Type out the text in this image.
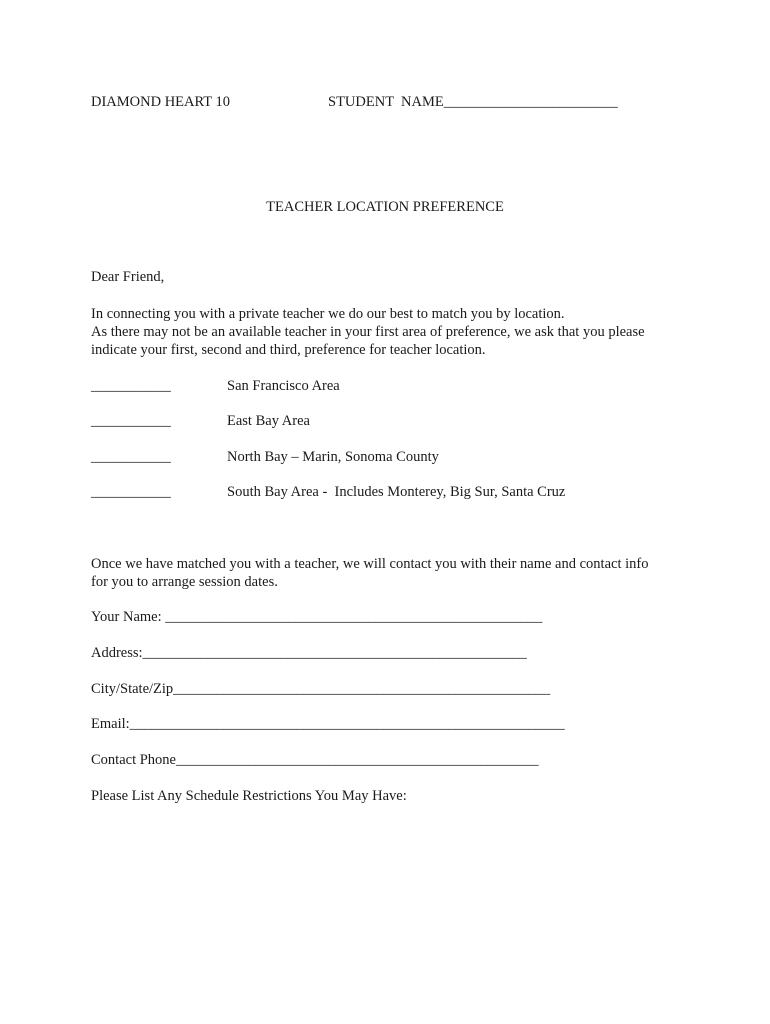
DIAMOND HEART 10	STUDENT  NAME________________________
TEACHER LOCATION PREFERENCE
Dear Friend,
In connecting you with a private teacher we do our best to match you by location.
As there may not be an available teacher in your first area of preference, we ask that you please
indicate your first, second and third, preference for teacher location.
___________	San Francisco Area
___________	East Bay Area
___________	North Bay – Marin, Sonoma County
___________	South Bay Area -  Includes Monterey, Big Sur, Santa Cruz
Once we have matched you with a teacher, we will contact you with their name and contact info
for you to arrange session dates.
Your Name: ____________________________________________________
Address:_____________________________________________________
City/State/Zip____________________________________________________
Email:____________________________________________________________
Contact Phone__________________________________________________
Please List Any Schedule Restrictions You May Have:
